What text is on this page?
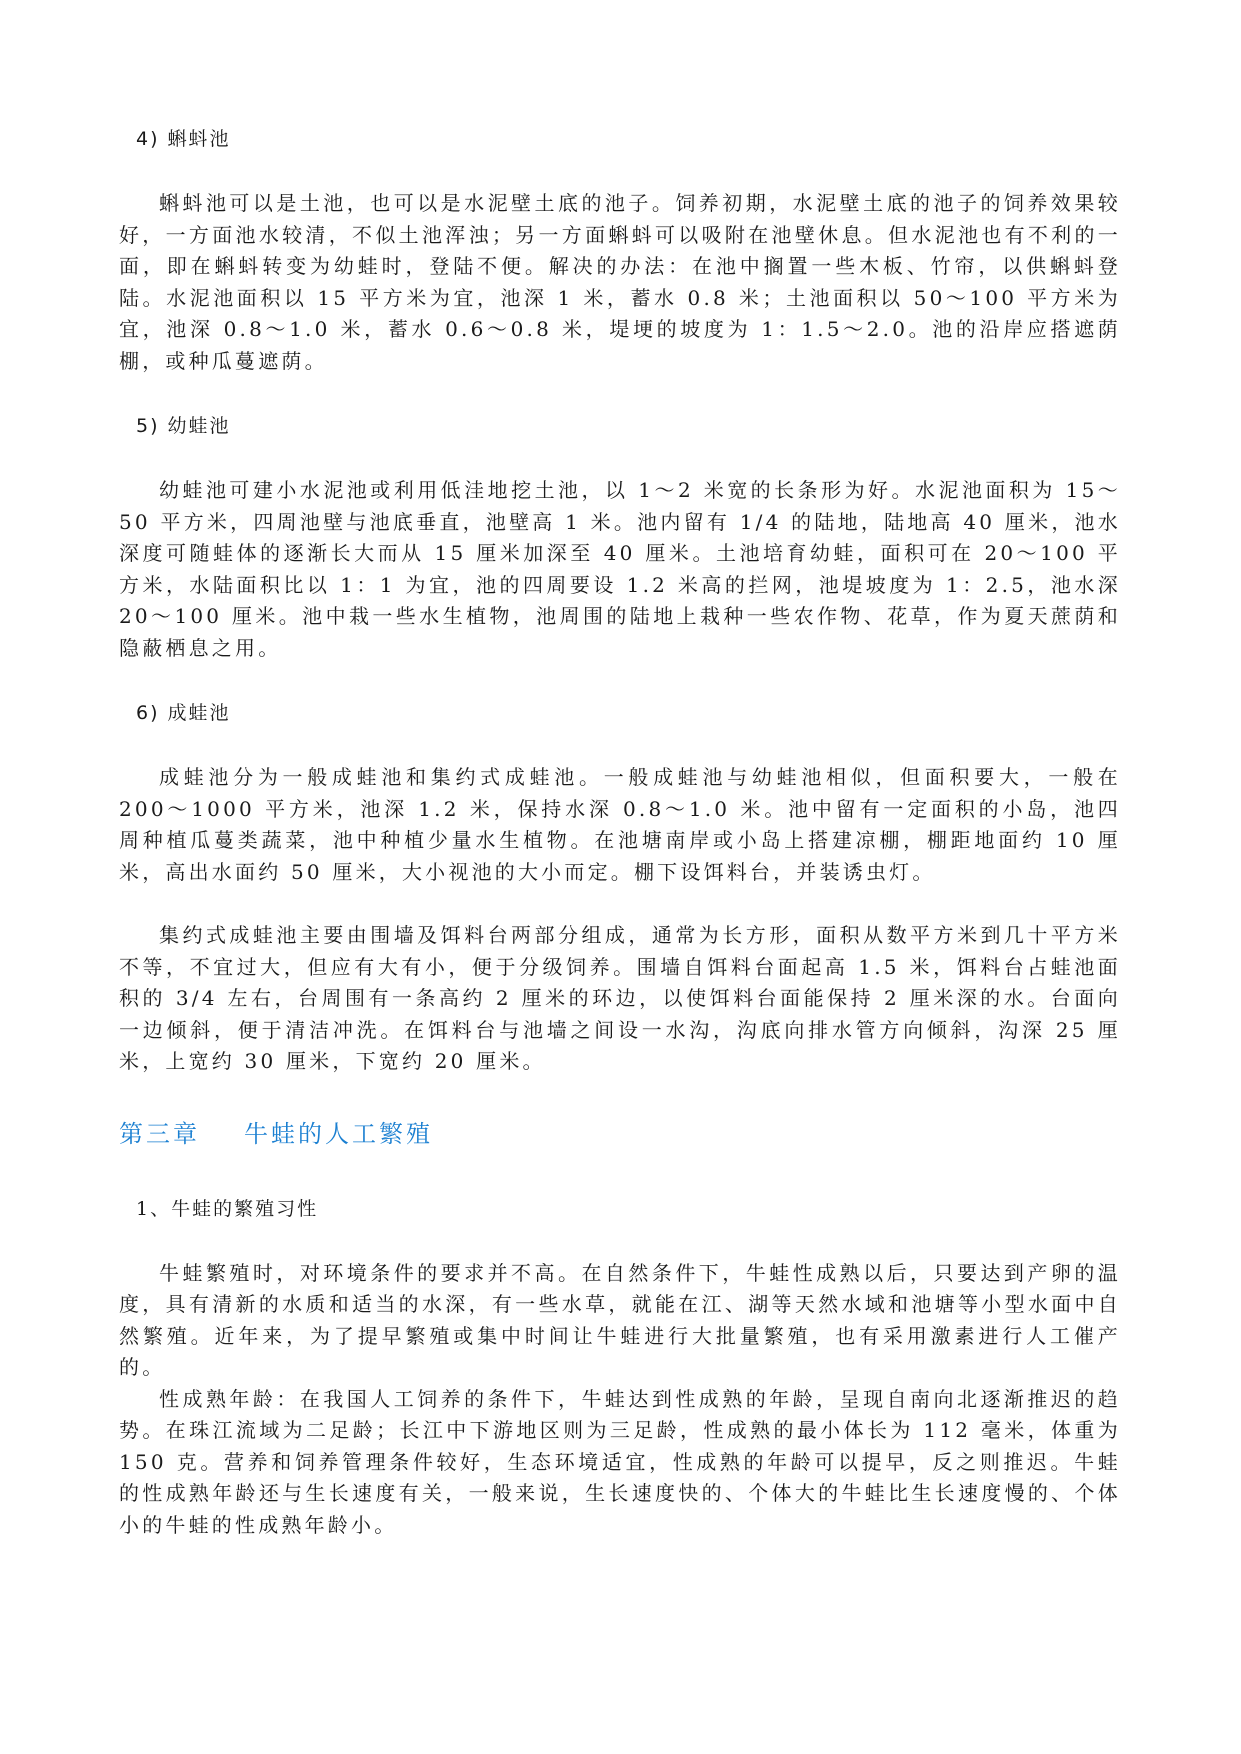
4) 蝌蚪池

蝌蚪池可以是土池，也可以是水泥壁土底的池子。饲养初期，水泥壁土底的池子的饲养效果较好，一方面池水较清，不似土池浑浊；另一方面蝌蚪可以吸附在池壁休息。但水泥池也有不利的一面，即在蝌蚪转变为幼蛙时，登陆不便。解决的办法：在池中搁置一些木板、竹帘，以供蝌蚪登陆。水泥池面积以 15 平方米为宜，池深 1 米，蓄水 0.8 米；土池面积以 50～100 平方米为宜，池深 0.8～1.0 米，蓄水 0.6～0.8 米，堤埂的坡度为 1：1.5～2.0。池的沿岸应搭遮荫棚，或种瓜蔓遮荫。

5) 幼蛙池

幼蛙池可建小水泥池或利用低洼地挖土池，以 1～2 米宽的长条形为好。水泥池面积为 15～50 平方米，四周池壁与池底垂直，池壁高 1 米。池内留有 1/4 的陆地，陆地高 40 厘米，池水深度可随蛙体的逐渐长大而从 15 厘米加深至 40 厘米。土池培育幼蛙，面积可在 20～100 平方米，水陆面积比以 1：1 为宜，池的四周要设 1.2 米高的拦网，池堤坡度为 1：2.5，池水深 20～100 厘米。池中栽一些水生植物，池周围的陆地上栽种一些农作物、花草，作为夏天蔗荫和隐蔽栖息之用。

6) 成蛙池

成蛙池分为一般成蛙池和集约式成蛙池。一般成蛙池与幼蛙池相似，但面积要大，一般在 200～1000 平方米，池深 1.2 米，保持水深 0.8～1.0 米。池中留有一定面积的小岛，池四周种植瓜蔓类蔬菜，池中种植少量水生植物。在池塘南岸或小岛上搭建凉棚，棚距地面约 10 厘米，高出水面约 50 厘米，大小视池的大小而定。棚下设饵料台，并装诱虫灯。

集约式成蛙池主要由围墙及饵料台两部分组成，通常为长方形，面积从数平方米到几十平方米不等，不宜过大，但应有大有小，便于分级饲养。围墙自饵料台面起高 1.5 米，饵料台占蛙池面积的 3/4 左右，台周围有一条高约 2 厘米的环边，以使饵料台面能保持 2 厘米深的水。台面向一边倾斜，便于清洁冲洗。在饵料台与池墙之间设一水沟，沟底向排水管方向倾斜，沟深 25 厘米，上宽约 30 厘米，下宽约 20 厘米。

第三章 牛蛙的人工繁殖
1、牛蛙的繁殖习性

牛蛙繁殖时，对环境条件的要求并不高。在自然条件下，牛蛙性成熟以后，只要达到产卵的温度，具有清新的水质和适当的水深，有一些水草，就能在江、湖等天然水域和池塘等小型水面中自然繁殖。近年来，为了提早繁殖或集中时间让牛蛙进行大批量繁殖，也有采用激素进行人工催产的。

性成熟年龄：在我国人工饲养的条件下，牛蛙达到性成熟的年龄，呈现自南向北逐渐推迟的趋势。在珠江流域为二足龄；长江中下游地区则为三足龄，性成熟的最小体长为 112 毫米，体重为 150 克。营养和饲养管理条件较好，生态环境适宜，性成熟的年龄可以提早，反之则推迟。牛蛙的性成熟年龄还与生长速度有关，一般来说，生长速度快的、个体大的牛蛙比生长速度慢的、个体小的牛蛙的性成熟年龄小。
